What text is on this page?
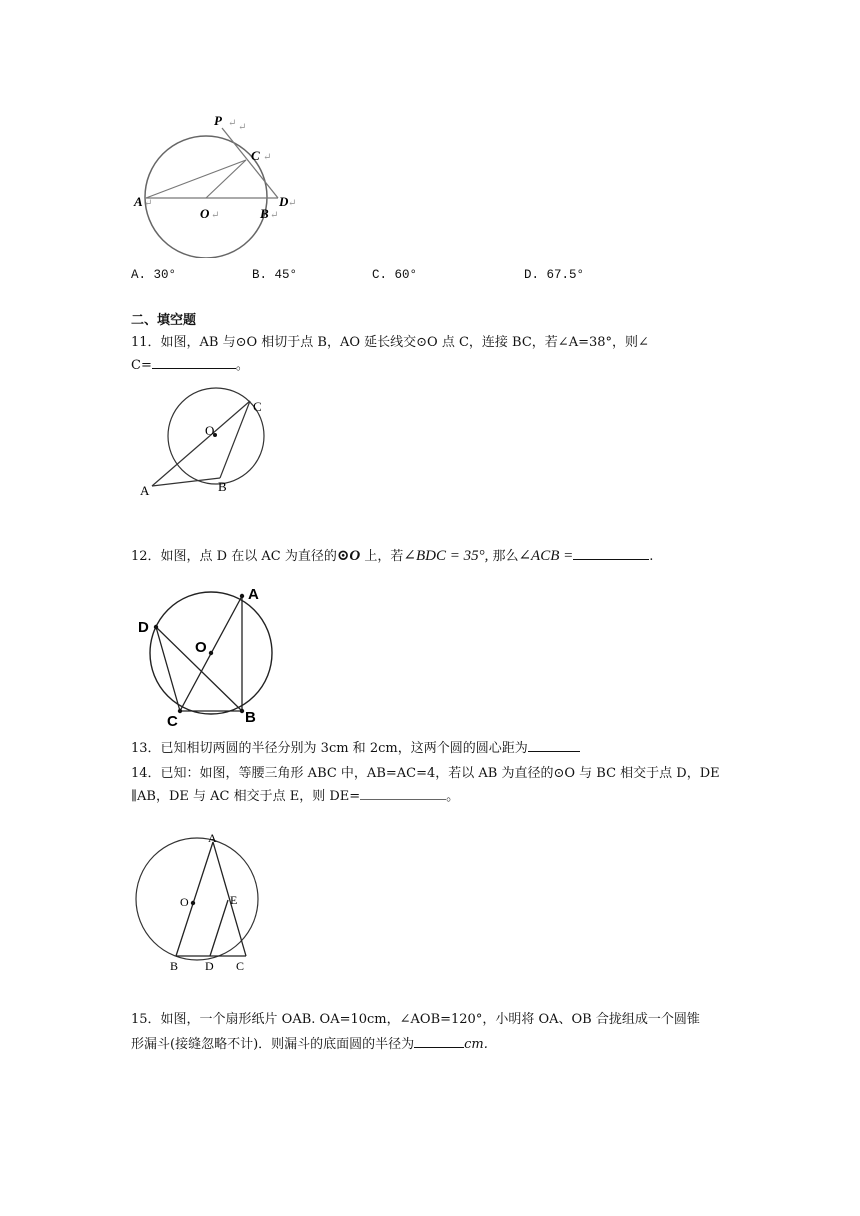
P ↵ ↵
C ↵
A ↵
O ↵	B ↵
D ↵
A. 30°	B. 45°	C. 60°	D. 67.5°
二、填空题
11．如图，AB 与⊙O 相切于点 B，AO 延长线交⊙O 点 C，连接 BC，若∠A=38°，则∠
C=	。
C
O
A	B
12．如图，点 D 在以 AC 为直径的⊙O 上，若∠BDC = 35°, 那么∠ACB =	.
A
D
O
C	B
13．已知相切两圆的半径分别为 3cm 和 2cm，这两个圆的圆心距为
14．已知：如图，等腰三角形 ABC 中，AB=AC=4，若以 AB 为直径的⊙O 与 BC 相交于点 D，DE
∥AB，DE 与 AC 相交于点 E，则 DE=	。
A
O	E
B D C
15．如图，一个扇形纸片 OAB. OA=10cm，∠AOB=120°，小明将 OA、OB 合拢组成一个圆锥
形漏斗(接缝忽略不计)．则漏斗的底面圆的半径为	cm.
